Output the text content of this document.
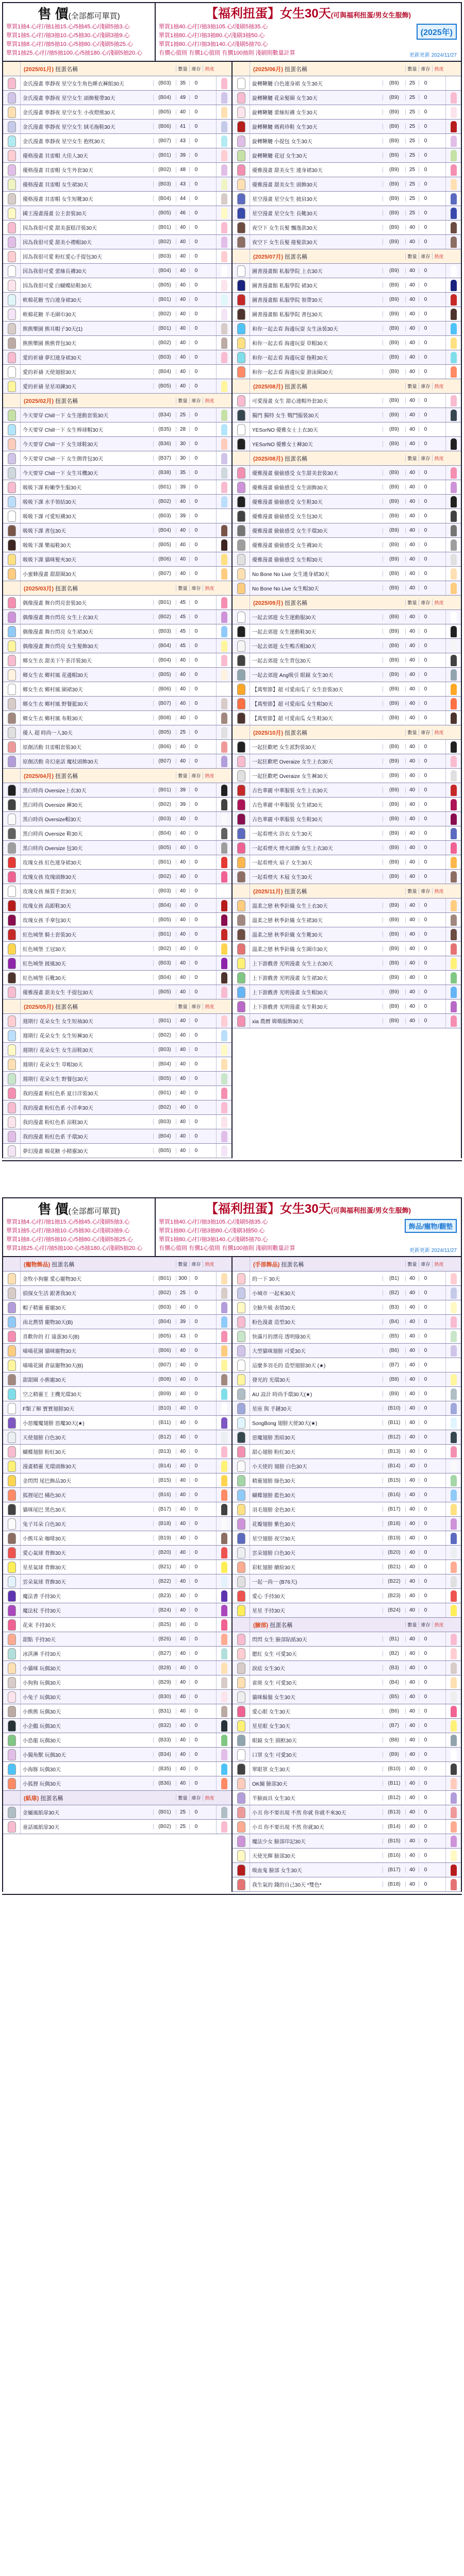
售 價(全部都可單買)
單買1抽4.心/打/抽1抽15.心/5抽45.心/淺刷5抽3.心
單買1抽5.心/打/抽3抽10.心/5抽30.心/淺刷3抽9.心
單買1抽8.心/打/抽5抽10.心/5抽80.心/淺刷5抽25.心
單買1抽25.心/打/抽5抽100.心/5抽180.心/淺刷5抽20.心
【福利扭蛋】女生30天(可與福利扭蛋/男女生服飾)
單買1抽40.心/打/抽3抽105.心/淺刷5抽35.心
單買1抽80.心/打/抽3抽80.心/淺刷3抽50.心
單買1抽80.心/打/抽3抽140.心/淺刷5抽70.心
有價心值則 有價1心值則 有價100抽則 淺刷則數量計算
(2025年)
更新更新 2024/11/27
(2025/01月) 扭蛋名稱	數量 庫存 熱度
金氏漫畫 寧靜夜 星空女生角色睡衣褲組30天	(B03)	35	0
金氏漫畫 寧靜夜 星空女生 頭飾髮帶30天	(B04)	49	0
金氏漫畫 寧靜夜 星空女生 小夜燈熊30天	(B05)	40	0
金氏漫畫 寧靜夜 星空女生 絨毛拖鞋30天	(B06)	41	0
金氏漫畫 寧靜夜 星空女生 抱枕30天	(B07)	43	0
優格漫畫 貝雷帽 大佳人30天	(B01)	39	0
優格漫畫 貝雷帽 女生外套30天	(B02)	48	0
優格漫畫 貝雷帽 女生裙30天	(B03)	43	0
優格漫畫 貝雷帽 女生短靴30天	(B04)	44	0
國王漫畫漫畫 公主套裝30天	(B05)	46	0
因為我很可愛 甜美蛋糕洋裝30天	(B01)	40	0
因為我很可愛 甜美小禮帽30天	(B02)	40	0
因為我很可愛 粉紅愛心手提包30天	(B03)	40	0
因為我很可愛 蕾絲長襪30天	(B04)	40	0
因為我很可愛 白蝴蝶結鞋30天	(B05)	40	0
軟棉花糖 雪白連身裙30天	(B01)	40	0
軟棉花糖 羊毛圍巾30天	(B02)	40	0
熊熊樂園 熊耳帽子30天(1)	(B01)	40	0
熊熊樂園 熊熊背包30天	(B02)	40	0
愛的祈禱 夢幻連身裙30天	(B03)	40	0
愛的祈禱 天使翅膀30天	(B04)	40	0
愛的祈禱 星星項鍊30天	(B05)	40	0
(2025/02月) 扭蛋名稱	數量 庫存 熱度
今天要穿 Chill一下 女生運動套裝30天	(B34)	25	0
今天要穿 Chill一下 女生棒球帽30天	(B35)	28	0
今天要穿 Chill一下 女生球鞋30天	(B36)	30	0
今天要穿 Chill一下 女生側背包30天	(B37)	30	0
今天要穿 Chill一下 女生耳機30天	(B38)	35	0
吸吸下課 粉嫩學生服30天	(B01)	39	0
吸吸下課 水手領結30天	(B02)	40	0
吸吸下課 可愛短襪30天	(B03)	39	0
吸吸下課 書包30天	(B04)	40	0
吸吸下課 樂福鞋30天	(B05)	40	0
吸吸下課 貓咪髮夾30天	(B06)	40	0
小蜜蜂漫畫 甜甜圈30天	(B07)	40	0
(2025/03月) 扭蛋名稱	數量 庫存 熱度
偶像漫畫 舞台閃亮套裝30天	(B01)	45	0
偶像漫畫 舞台閃亮 女生上衣30天	(B02)	45	0
偶像漫畫 舞台閃亮 女生裙30天	(B03)	45	0
偶像漫畫 舞台閃亮 女生髮飾30天	(B04)	45	0
鄉女生衣 甜美下午茶洋裝30天	(B04)	40	0
鄉女生衣 鄉村風 花邊帽30天	(B05)	40	0
鄉女生衣 鄉村風 圍裙30天	(B06)	40	0
鄉女生衣 鄉村風 野餐籃30天	(B07)	40	0
鄉女生衣 鄉村風 布鞋30天	(B08)	40	0
優人 超 時尚一人30天	(B05)	25	0
原創活動 貝雷帽套裝30天	(B06)	40	0
原創活動 奇幻童話 魔杖頭飾30天	(B07)	40	0
(2025/04月) 扭蛋名稱	數量 庫存 熱度
黑白時尚 Oversize上衣30天	(B01)	39	0
黑白時尚 Oversize 褲30天	(B02)	39	0
黑白時尚 Oversize帽30天	(B03)	40	0
黑白時尚 Oversize 鞋30天	(B04)	40	0
黑白時尚 Oversize 包30天	(B05)	40	0
玫瑰女孩 紅色連身裙30天	(B01)	40	0
玫瑰女孩 玫瑰頭飾30天	(B02)	40	0
玫瑰女孩 絲質手套30天	(B03)	40	0
玫瑰女孩 高跟鞋30天	(B04)	40	0
玫瑰女孩 手拿包30天	(B05)	40	0
紅色城堡 騎士套裝30天	(B01)	40	0
紅色城堡 王冠30天	(B02)	40	0
紅色城堡 披風30天	(B03)	40	0
紅色城堡 長靴30天	(B04)	40	0
優雅漫畫 甜美女生 手提包30天	(B05)	40	0
(2025/05月) 扭蛋名稱	數量 庫存 熱度
週期行 花朵女生 女生短袖30天	(B01)	40	0
週期行 花朵女生 女生短褲30天	(B02)	40	0
週期行 花朵女生 女生涼鞋30天	(B03)	40	0
週期行 花朵女生 草帽30天	(B04)	40	0
週期行 花朵女生 野餐包30天	(B05)	40	0
我的漫畫 粉紅色系 夏日洋裝30天	(B01)	40	0
我的漫畫 粉紅色系 小洋傘30天	(B02)	40	0
我的漫畫 粉紅色系 涼鞋30天	(B03)	40	0
我的漫畫 粉紅色系 手環30天	(B04)	40	0
夢幻漫畫 棉花糖 小精靈30天	(B05)	40	0
(2025/06月) 扭蛋名稱	數量 庫存 熱度
旋轉鞦韆 白色連身裙 女生30天	(B9)	25	0
旋轉鞦韆 花朵髮圈 女生30天	(B9)	25	0
旋轉鞦韆 蕾絲短襪 女生30天	(B9)	25	0
旋轉鞦韆 瑪莉珍鞋 女生30天	(B9)	25	0
旋轉鞦韆 小提包 女生30天	(B9)	25	0
旋轉鞦韆 花冠 女生30天	(B9)	25	0
優雅漫畫 甜美女生 連身裙30天	(B9)	25	0
優雅漫畫 甜美女生 頭飾30天	(B9)	25	0
星空漫畫 星空女生 披肩30天	(B9)	25	0
星空漫畫 星空女生 長靴30天	(B9)	25	0
夜空下 女生長髮 飄逸款30天	(B9)	40	0
夜空下 女生長髮 捲髮款30天	(B9)	40	0
(2025/07月) 扭蛋名稱	數量 庫存 熱度
圖書漫畫館 私服學院 上衣30天	(B9)	40	0
圖書漫畫館 私服學院 裙30天	(B9)	40	0
圖書漫畫館 私服學院 領帶30天	(B9)	40	0
圖書漫畫館 私服學院 書包30天	(B9)	40	0
和你一起去看 海邊玩耍 女生泳裝30天	(B9)	40	0
和你一起去看 海邊玩耍 草帽30天	(B9)	40	0
和你一起去看 海邊玩耍 拖鞋30天	(B9)	40	0
和你一起去看 海邊玩耍 游泳圈30天	(B9)	40	0
(2025/08月) 扭蛋名稱	數量 庫存 熱度
可愛漫畫 女生 甜心連帽外套30天	(B9)	40	0
獨門 獨特 女生 戰鬥服裝30天	(B9)	40	0
YESorNO 優雅女士上衣30天	(B9)	40	0
YESorNO 優雅女士褲30天	(B9)	40	0
(2025/08月) 扭蛋名稱	數量 庫存 熱度
優雅漫畫 偷偷感受 女生甜美套裝30天	(B9)	40	0
優雅漫畫 偷偷感受 女生頭飾30天	(B9)	40	0
優雅漫畫 偷偷感受 女生鞋30天	(B9)	40	0
優雅漫畫 偷偷感受 女生包30天	(B9)	40	0
優雅漫畫 偷偷感受 女生手環30天	(B9)	40	0
優雅漫畫 偷偷感受 女生襪30天	(B9)	40	0
優雅漫畫 偷偷感受 女生帽30天	(B9)	40	0
No Bone No Live 女生連身裙30天	(B9)	40	0
No Bone No Live 女生帽30天	(B9)	40	0
(2025/09月) 扭蛋名稱	數量 庫存 熱度
一起去郊遊 女生運動服30天	(B9)	40	0
一起去郊遊 女生運動鞋30天	(B9)	40	0
一起去郊遊 女生鴨舌帽30天	(B9)	40	0
一起去郊遊 女生背包30天	(B9)	40	0
一起去郊遊 Ang吸引 眼鏡 女生30天	(B9)	40	0
【萬聖節】超 可愛南瓜了 女生套裝30天	(B9)	40	0
【萬聖節】超 可愛南瓜 女生帽30天	(B9)	40	0
【萬聖節】超 可愛南瓜 女生鞋30天	(B9)	40	0
(2025/10月) 扭蛋名稱	數量 庫存 熱度
一起狂歡吧 女生派對裝30天	(B9)	40	0
一起狂歡吧 Overaize 女生上衣30天	(B9)	40	0
一起狂歡吧 Overaize 女生褲30天	(B9)	40	0
古色華麗 中華服裝 女生上衣30天	(B9)	40	0
古色華麗 中華服裝 女生裙30天	(B9)	40	0
古色華麗 中華服裝 女生鞋30天	(B9)	40	0
一起看煙火 浴衣 女生30天	(B9)	40	0
一起看煙火 煙火頭飾 女生上衣30天	(B9)	40	0
一起看煙火 扇子 女生30天	(B9)	40	0
一起看煙火 木屐 女生30天	(B9)	40	0
(2025/11月) 扭蛋名稱	數量 庫存 熱度
溫柔之戀 秋季針織 女生上衣30天	(B9)	40	0
溫柔之戀 秋季針織 女生裙30天	(B9)	40	0
溫柔之戀 秋季針織 女生靴30天	(B9)	40	0
溫柔之戀 秋季針織 女生圍巾30天	(B9)	40	0
上下游戲書 光明漫畫 女生上衣30天	(B9)	40	0
上下游戲書 光明漫畫 女生裙30天	(B9)	40	0
上下游戲書 光明漫畫 女生帽30天	(B9)	40	0
上下游戲書 光明漫畫 女生鞋30天	(B9)	40	0
xia 農曆 嫦娥服飾30天	(B9)	40	0
售 價(全部都可單買)
單買1抽4.心/打/抽1抽15.心/5抽45.心/淺刷5抽3.心
單買1抽5.心/打/抽3抽10.心/5抽30.心/淺刷3抽9.心
單買1抽8.心/打/抽5抽10.心/5抽80.心/淺刷5抽25.心
單買1抽25.心/打/抽5抽100.心/5抽180.心/淺刷5抽20.心
【福利扭蛋】女生30天(可與福利扭蛋/男女生服飾)
單買1抽40.心/打/抽3抽105.心/淺刷5抽35.心
單買1抽80.心/打/抽3抽80.心/淺刷3抽50.心
單買1抽80.心/打/抽3抽140.心/淺刷5抽70.心
有價心值則 有價1心值則 有價100抽則 淺刷則數量計算
飾品/寵物/翻墊
更新更新 2024/11/27
(寵物飾品) 扭蛋名稱	數量 庫存 熱度
金牧小狗寵 愛心寵物30天	(B01)	300	0
偵探女生活 跟著我30天	(B02)	25	0
帽子精靈 靈寵30天	(B03)	40	0
南北舊情 寵物30天(B)	(B04)	39	0
喜歡你的 打 遠蛋30天(B)	(B05)	43	0
喵喵花園 貓咪寵物30天	(B06)	40	0
喵喵花園 倉鼠寵物30天(B)	(B07)	40	0
甜甜圈 小熊寵30天	(B08)	40	0
空之精靈王 主機光環30天	(B09)	40	0
F類了解 寶寶翅膀30天	(B10)	40	0
小惡魔魔翅膀 惡魔30天(★)	(B11)	40	0
天使翅膀 白色30天	(B12)	40	0
蝴蝶翅膀 粉紅30天	(B13)	40	0
漫畫精靈 光環頭飾30天	(B14)	40	0
金閃閃 尾巴飾品30天	(B15)	40	0
狐狸尾巴 橘色30天	(B16)	40	0
貓咪尾巴 黑色30天	(B17)	40	0
兔子耳朵 白色30天	(B18)	40	0
小熊耳朵 咖啡30天	(B19)	40	0
愛心氣球 背飾30天	(B20)	40	0
星星氣球 背飾30天	(B21)	40	0
雲朵氣球 背飾30天	(B22)	40	0
魔法書 手持30天	(B23)	40	0
魔法杖 手持30天	(B24)	40	0
花束 手持30天	(B25)	40	0
甜點 手持30天	(B26)	40	0
冰淇淋 手持30天	(B27)	40	0
小貓咪 玩偶30天	(B28)	40	0
小狗狗 玩偶30天	(B29)	40	0
小兔子 玩偶30天	(B30)	40	0
小熊熊 玩偶30天	(B31)	40	0
小企鵝 玩偶30天	(B32)	40	0
小恐龍 玩偶30天	(B33)	40	0
小獨角獸 玩偶30天	(B34)	40	0
小海豚 玩偶30天	(B35)	40	0
小狐狸 玩偶30天	(B36)	40	0
(紙扉) 扭蛋名稱	數量 庫存 熱度
金屬風紙扉30天	(B01)	25	0
童話風紙扉30天	(B02)	25	0
(手部飾品) 扭蛋名稱	數量 庫存 熱度
的一下 30天	(B1)	40	0
小城市 一起來30天	(B2)	40	0
全臉升級 表情30天	(B3)	40	0
粉色漫畫 造型30天	(B4)	40	0
快滿月的漂亮 透明綠30天	(B5)	40	0
大型貓咪翅膀 可愛30天	(B6)	40	0
這麼多羽毛的 造型翅膀30天 (★)	(B7)	40	0
發光的 光環30天	(B8)	40	0
AU 設計 時尚手環30天(★)	(B9)	40	0
星座 與 手鏈30天	(B10)	40	0
SongBong 翅膀天使30天(★)	(B11)	40	0
惡魔翅膀 黑暗30天	(B12)	40	0
甜心翅膀 粉紅30天	(B13)	40	0
小天使的 翅膀 白色30天	(B14)	40	0
精靈翅膀 綠色30天	(B15)	40	0
蝴蝶翅膀 藍色30天	(B16)	40	0
羽毛翅膀 金色30天	(B17)	40	0
花瓣翅膀 紫色30天	(B18)	40	0
星空翅膀 夜空30天	(B19)	40	0
雲朵翅膀 白色30天	(B20)	40	0
彩虹翅膀 繽紛30天	(B21)	40	0
一起一尚一 (B76天)	(B22)	40	0
愛心 手持30天	(B23)	40	0
星星 手持30天	(B24)	40	0
(臉部) 扭蛋名稱	數量 庫存 熱度
閃閃 女生 臉部貼紙30天	(B1)	40	0
腮紅 女生 可愛30天	(B2)	40	0
淚痣 女生30天	(B3)	40	0
雀斑 女生 可愛30天	(B4)	40	0
貓咪鬍鬚 女生30天	(B5)	40	0
愛心眼 女生30天	(B6)	40	0
星星眼 女生30天	(B7)	40	0
眼鏡 女生 圓框30天	(B8)	40	0
口罩 女生 可愛30天	(B9)	40	0
單眼罩 女生30天	(B10)	40	0
OK繃 臉部30天	(B11)	40	0
半臉面具 女生30天	(B12)	40	0
小丑 你不要出現 不然 你就 你就不來30天	(B13)	40	0
小丑 你不要出現 不然 你就30天	(B14)	40	0
魔法少女 臉部印記30天	(B15)	40	0
天使光輝 臉部30天	(B16)	40	0
吸血鬼 臉部 女生30天	(B17)	40	0
我生氣的 錢的自己30天 *雙色*	(B18)	40	0
